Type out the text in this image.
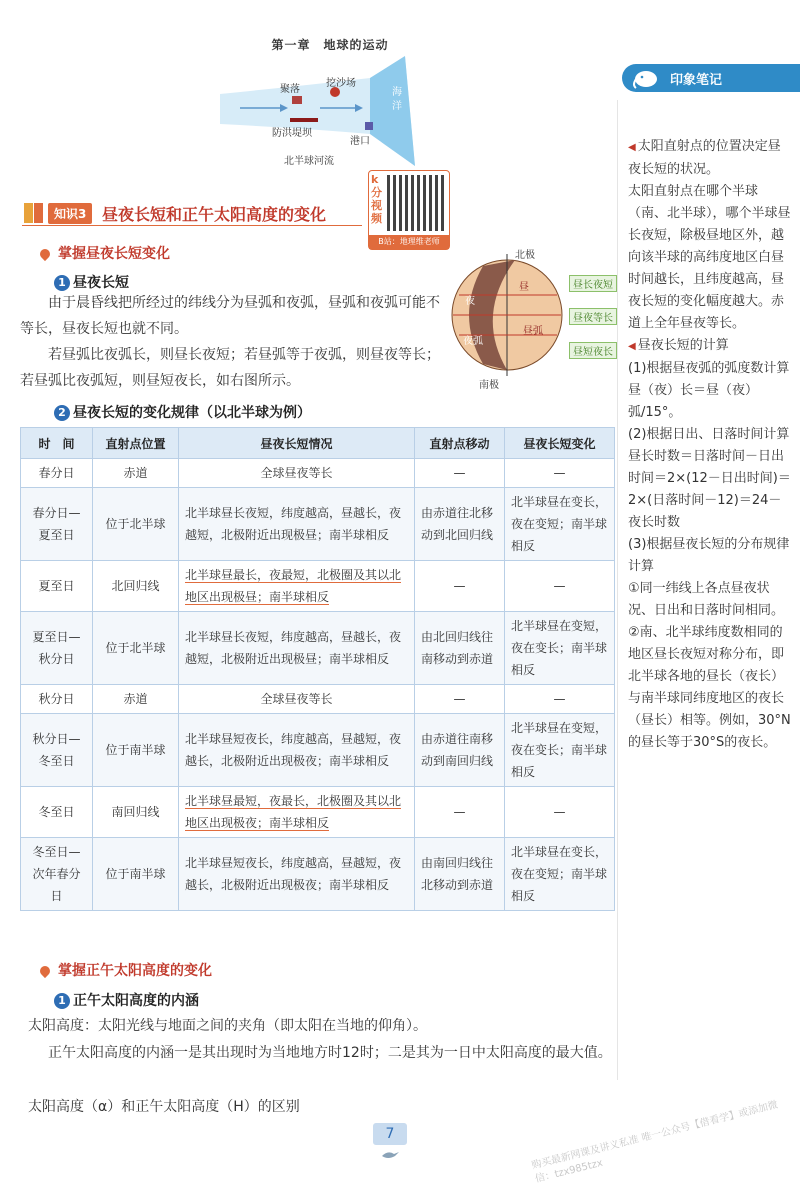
第一章　地球的运动
聚落
挖沙场
海洋
防洪堤坝
港口
北半球河流
知识3 昼夜长短和正午太阳高度的变化
k 分视频
B站：地理维老师
掌握昼夜长短变化
1 昼夜长短
由于晨昏线把所经过的纬线分为昼弧和夜弧，昼弧和夜弧可能不等长，昼夜长短也就不同。
若昼弧比夜弧长，则昼长夜短；若昼弧等于夜弧，则昼夜等长；若昼弧比夜弧短，则昼短夜长，如右图所示。
2 昼夜长短的变化规律（以北半球为例）
北极
南极
昼
夜
夜弧
昼弧
昼长夜短
昼夜等长
昼短夜长
时　间	直射点位置	昼夜长短情况	直射点移动	昼夜长短变化
春分日	赤道	全球昼夜等长	—	—
春分日—夏至日	位于北半球	北半球昼长夜短，纬度越高，昼越长，夜越短，北极附近出现极昼；南半球相反	由赤道往北移动到北回归线	北半球昼在变长，夜在变短；南半球相反
夏至日	北回归线	北半球昼最长，夜最短，北极圈及其以北地区出现极昼；南半球相反	—	—
夏至日—秋分日	位于北半球	北半球昼长夜短，纬度越高，昼越长，夜越短，北极附近出现极昼；南半球相反	由北回归线往南移动到赤道	北半球昼在变短，夜在变长；南半球相反
秋分日	赤道	全球昼夜等长	—	—
秋分日—冬至日	位于南半球	北半球昼短夜长，纬度越高，昼越短，夜越长，北极附近出现极夜；南半球相反	由赤道往南移动到南回归线	北半球昼在变短，夜在变长；南半球相反
冬至日	南回归线	北半球昼最短，夜最长，北极圈及其以北地区出现极夜；南半球相反	—	—
冬至日—次年春分日	位于南半球	北半球昼短夜长，纬度越高，昼越短，夜越长，北极附近出现极夜；南半球相反	由南回归线往北移动到赤道	北半球昼在变长，夜在变短；南半球相反
掌握正午太阳高度的变化
1 正午太阳高度的内涵
太阳高度：太阳光线与地面之间的夹角（即太阳在当地的仰角）。
正午太阳高度的内涵一是其出现时为当地地方时12时；二是其为一日中太阳高度的最大值。
太阳高度（α）和正午太阳高度（H）的区别
印象笔记

◀ 太阳直射点的位置决定昼夜长短的状况。

太阳直射点在哪个半球（南、北半球），哪个半球昼长夜短，除极昼地区外，越向该半球的高纬度地区白昼时间越长，且纬度越高，昼夜长短的变化幅度越大。赤道上全年昼夜等长。

◀ 昼夜长短的计算

(1)根据昼夜弧的弧度数计算

昼（夜）长＝昼（夜）弧/15°。

(2)根据日出、日落时间计算

昼长时数＝日落时间－日出时间＝2×(12－日出时间)＝2×(日落时间－12)＝24－夜长时数

(3)根据昼夜长短的分布规律计算

①同一纬线上各点昼夜状况、日出和日落时间相同。

②南、北半球纬度数相同的地区昼长夜短对称分布，即北半球各地的昼长（夜长）与南半球同纬度地区的夜长（昼长）相等。例如，30°N的昼长等于30°S的夜长。

7	购买最新网课及讲义私准 唯一公众号【借看学】或添加微信：tzx985tzx
